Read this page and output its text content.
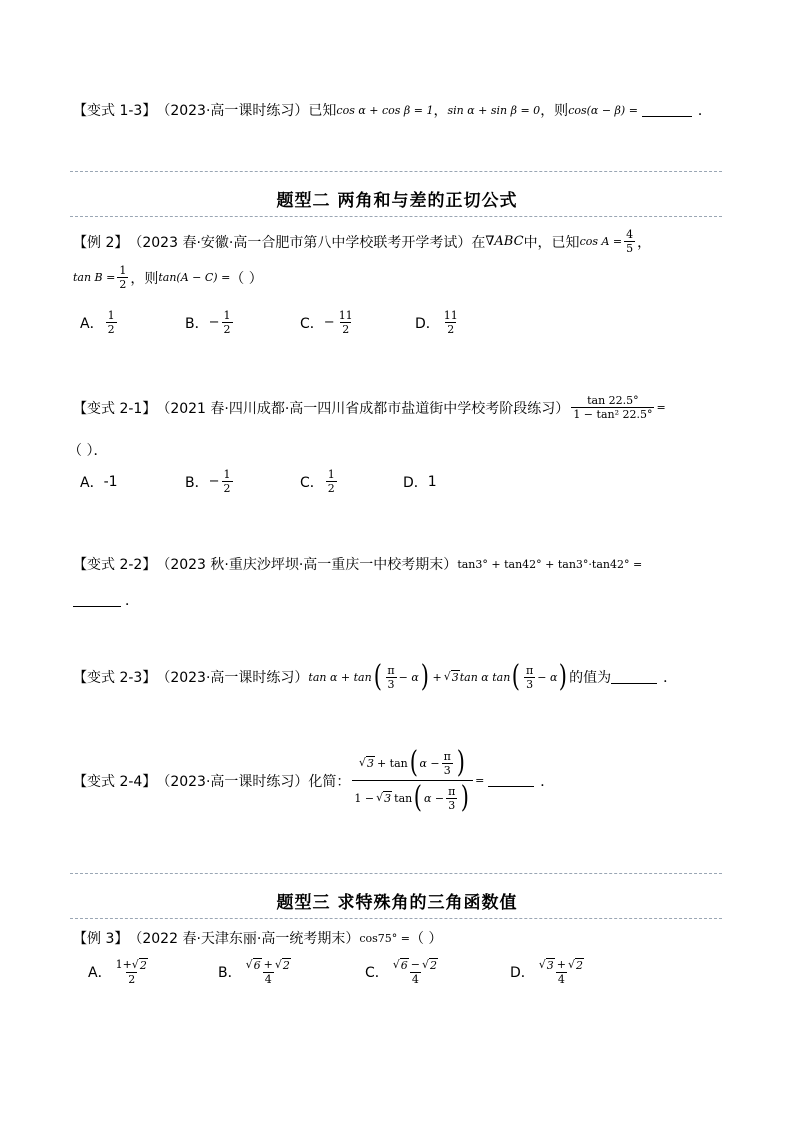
【变式 1-3】 （2023·高一课时练习）已知 cos α + cos β = 1 ， sin α + sin β = 0 ，则 cos(α − β) =	．
题型二 两角和与差的正切公式
【例 2】 （2023 春·安徽·高一合肥市第八中学校联考开学考试）在 ∇ABC 中，已知 $\cos A = \frac{4}{5}$ ，
$\tan B = \frac{1}{2}$ ，则 tan(A − C) = （ ）
A． $\frac{1}{2}$	B． − $\frac{1}{2}$	C． − $\frac{11}{2}$	D． $\frac{11}{2}$
【变式 2-1】 （2021 春·四川成都·高一四川省成都市盐道街中学校考阶段练习） $\frac{\tan 22.5^\circ}{\text{1 − tan² 22.5°}}$ =
（ ）．
A． -1	B． − $\frac{1}{2}$	C． $\frac{1}{2}$	D． 1
【变式 2-2】 （2023 秋·重庆沙坪坝·高一重庆一中校考期末） tan3° + tan42° + tan3°·tan42° =
．
【变式 2-3】 （2023·高一课时练习） tan α + tan ( $\frac{\pi}{3} - \alpha$ ) + √ 3 tan α tan ( $\frac{\pi}{3} - \alpha$ ) 的值为	．
【变式 2-4】 （2023·高一课时练习）化简： $\frac{√ 3 + \tan ( \alpha - \frac{\pi}{3} )}{1 - √ 3 \tan ( \alpha - \frac{\pi}{3} )}$ =	．
题型三 求特殊角的三角函数值
【例 3】 （2022 春·天津东丽·高一统考期末） cos75° = （ ）
A． $\frac{1+ √ 2}{2}$	B． $\frac{√ 6 + √ 2}{4}$	C． $\frac{√ 6 - √ 2}{4}$	D． $\frac{√ 3 + √ 2}{4}$
